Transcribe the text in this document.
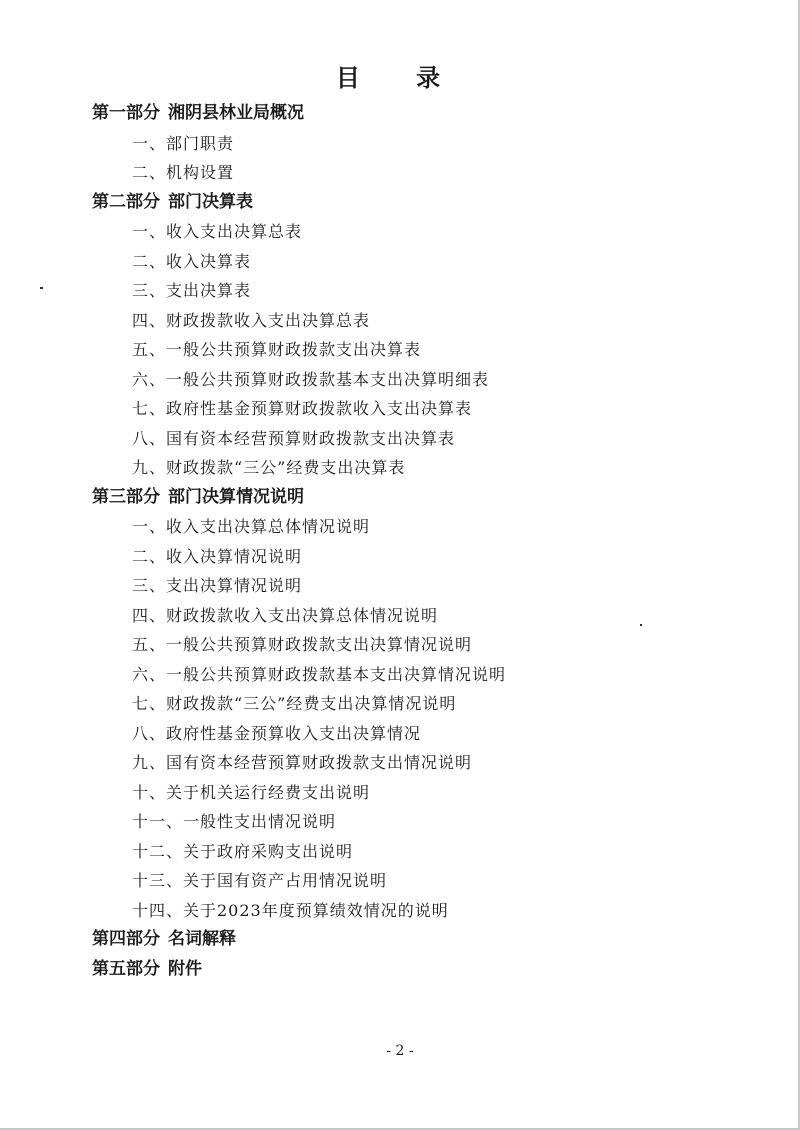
目 录
第一部分 湘阴县林业局概况
一、部门职责
二、机构设置
第二部分 部门决算表
一、收入支出决算总表
二、收入决算表
三、支出决算表
四、财政拨款收入支出决算总表
五、一般公共预算财政拨款支出决算表
六、一般公共预算财政拨款基本支出决算明细表
七、政府性基金预算财政拨款收入支出决算表
八、国有资本经营预算财政拨款支出决算表
九、财政拨款“三公”经费支出决算表
第三部分 部门决算情况说明
一、收入支出决算总体情况说明
二、收入决算情况说明
三、支出决算情况说明
四、财政拨款收入支出决算总体情况说明
五、一般公共预算财政拨款支出决算情况说明
六、一般公共预算财政拨款基本支出决算情况说明
七、财政拨款“三公”经费支出决算情况说明
八、政府性基金预算收入支出决算情况
九、国有资本经营预算财政拨款支出情况说明
十、关于机关运行经费支出说明
十一、一般性支出情况说明
十二、关于政府采购支出说明
十三、关于国有资产占用情况说明
十四、关于2023年度预算绩效情况的说明
第四部分 名词解释
第五部分 附件
- 2 -
